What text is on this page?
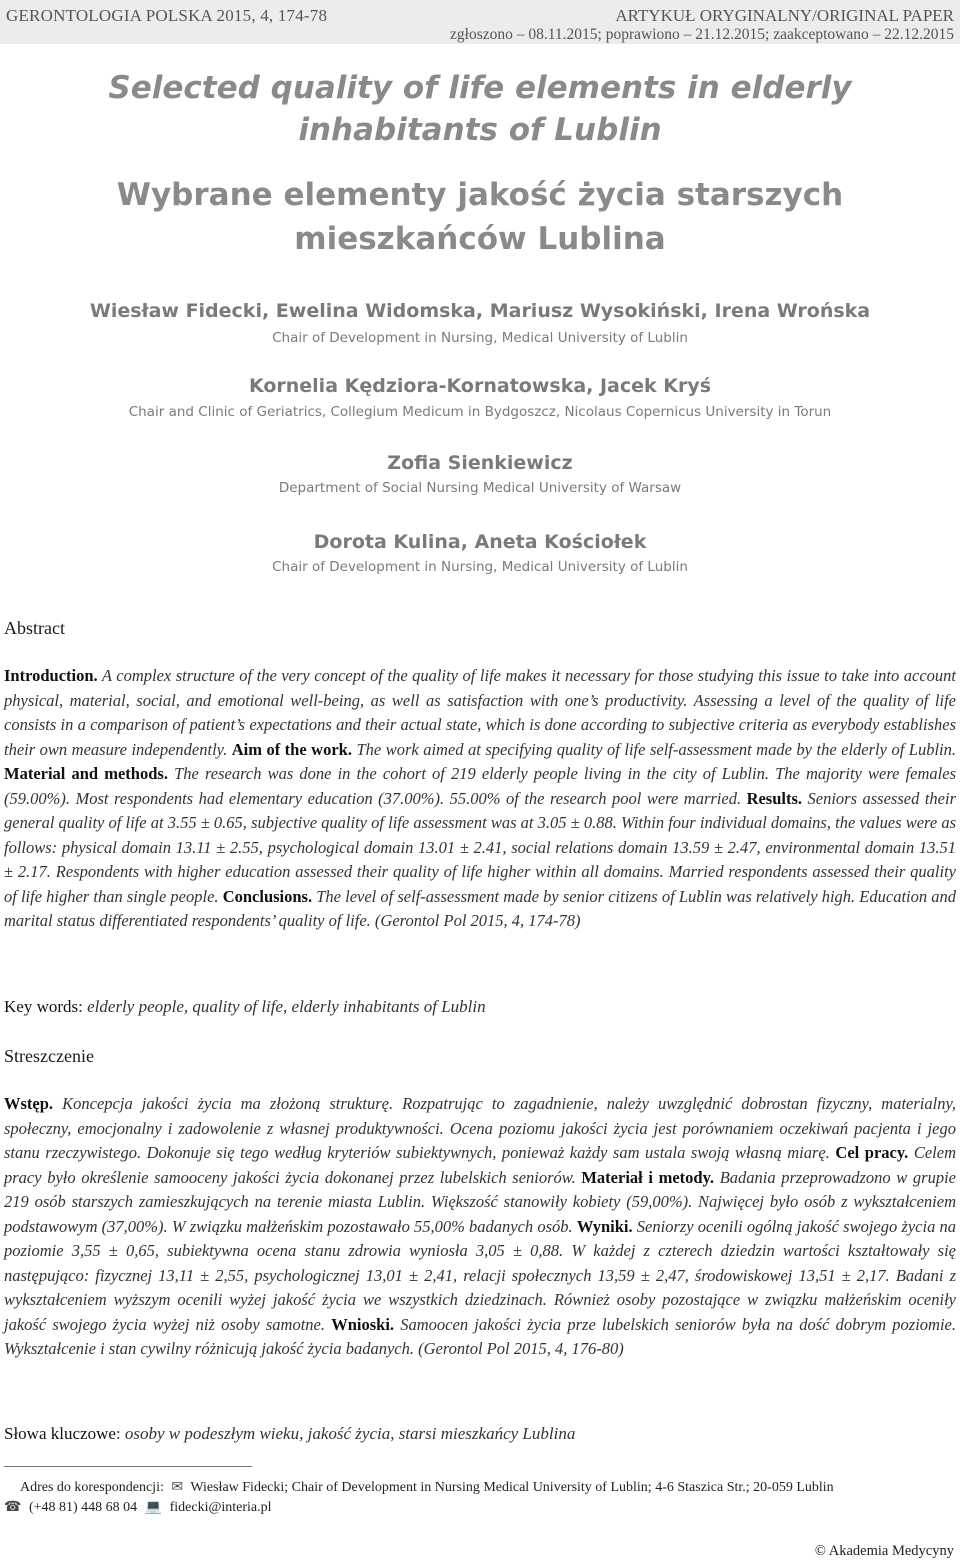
GERONTOLOGIA POLSKA 2015, 4, 174-78	ARTYKUŁ ORYGINALNY/ORIGINAL PAPER
zgłoszono – 08.11.2015; poprawiono – 21.12.2015; zaakceptowano – 22.12.2015
Selected quality of life elements in elderly
inhabitants of Lublin
Wybrane elementy jakość życia starszych
mieszkańców Lublina
Wiesław Fidecki, Ewelina Widomska, Mariusz Wysokiński, Irena Wrońska
Chair of Development in Nursing, Medical University of Lublin
Kornelia Kędziora-Kornatowska, Jacek Kryś
Chair and Clinic of Geriatrics, Collegium Medicum in Bydgoszcz, Nicolaus Copernicus University in Torun
Zofia Sienkiewicz
Department of Social Nursing Medical University of Warsaw
Dorota Kulina, Aneta Kościołek
Chair of Development in Nursing, Medical University of Lublin
Abstract
Introduction. A complex structure of the very concept of the quality of life makes it necessary for those studying this issue to take into account physical, material, social, and emotional well-being, as well as satisfaction with one’s productivity. Assessing a level of the quality of life consists in a comparison of patient’s expectations and their actual state, which is done according to subjective criteria as everybody establishes their own measure independently. Aim of the work. The work aimed at specifying quality of life self-assessment made by the elderly of Lublin. Material and methods. The research was done in the cohort of 219 elderly people living in the city of Lublin. The majority were females (59.00%). Most respondents had elementary education (37.00%). 55.00% of the research pool were married. Results. Seniors assessed their general quality of life at 3.55 ± 0.65, subjective quality of life assessment was at 3.05 ± 0.88. Within four individual domains, the values were as follows: physical domain 13.11 ± 2.55, psychological domain 13.01 ± 2.41, social relations domain 13.59 ± 2.47, environmental domain 13.51 ± 2.17. Respondents with higher education assessed their quality of life higher within all domains. Married respondents assessed their quality of life higher than single people. Conclusions. The level of self-assessment made by senior citizens of Lublin was relatively high. Education and marital status differentiated respondents’ quality of life. (Gerontol Pol 2015, 4, 174-78)
Key words: elderly people, quality of life, elderly inhabitants of Lublin
Streszczenie
Wstęp. Koncepcja jakości życia ma złożoną strukturę. Rozpatrując to zagadnienie, należy uwzględnić dobrostan fizyczny, materialny, społeczny, emocjonalny i zadowolenie z własnej produktywności. Ocena poziomu jakości życia jest porównaniem oczekiwań pacjenta i jego stanu rzeczywistego. Dokonuje się tego według kryteriów subiektywnych, ponieważ każdy sam ustala swoją własną miarę. Cel pracy. Celem pracy było określenie samooceny jakości życia dokonanej przez lubelskich seniorów. Materiał i metody. Badania przeprowadzono w grupie 219 osób starszych zamieszkujących na terenie miasta Lublin. Większość stanowiły kobiety (59,00%). Najwięcej było osób z wykształceniem podstawowym (37,00%). W związku małżeńskim pozostawało 55,00% badanych osób. Wyniki. Seniorzy ocenili ogólną jakość swojego życia na poziomie 3,55 ± 0,65, subiektywna ocena stanu zdrowia wyniosła 3,05 ± 0,88. W każdej z czterech dziedzin wartości kształtowały się następująco: fizycznej 13,11 ± 2,55, psychologicznej 13,01 ± 2,41, relacji społecznych 13,59 ± 2,47, środowiskowej 13,51 ± 2,17. Badani z wykształceniem wyższym ocenili wyżej jakość życia we wszystkich dziedzinach. Również osoby pozostające w związku małżeńskim oceniły jakość swojego życia wyżej niż osoby samotne. Wnioski. Samoocen jakości życia prze lubelskich seniorów była na dość dobrym poziomie. Wykształcenie i stan cywilny różnicują jakość życia badanych. (Gerontol Pol 2015, 4, 176-80)
Słowa kluczowe: osoby w podeszłym wieku, jakość życia, starsi mieszkańcy Lublina
Adres do korespondencji: ✉ Wiesław Fidecki; Chair of Development in Nursing Medical University of Lublin; 4-6 Staszica Str.; 20-059 Lublin
☎ (+48 81) 448 68 04 💻 fidecki@interia.pl
© Akademia Medycyny
